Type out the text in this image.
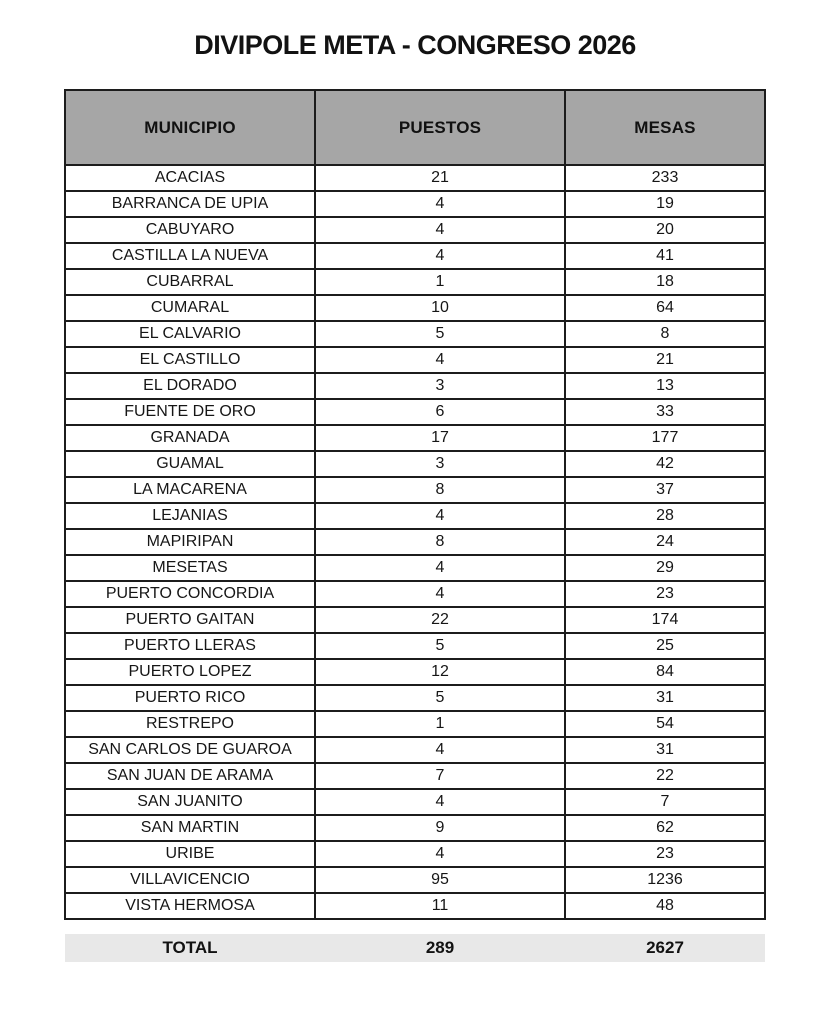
DIVIPOLE META - CONGRESO 2026
MUNICIPIO	PUESTOS	MESAS
ACACIAS	21	233
BARRANCA DE UPIA	4	19
CABUYARO	4	20
CASTILLA LA NUEVA	4	41
CUBARRAL	1	18
CUMARAL	10	64
EL CALVARIO	5	8
EL CASTILLO	4	21
EL DORADO	3	13
FUENTE DE ORO	6	33
GRANADA	17	177
GUAMAL	3	42
LA MACARENA	8	37
LEJANIAS	4	28
MAPIRIPAN	8	24
MESETAS	4	29
PUERTO CONCORDIA	4	23
PUERTO GAITAN	22	174
PUERTO LLERAS	5	25
PUERTO LOPEZ	12	84
PUERTO RICO	5	31
RESTREPO	1	54
SAN CARLOS DE GUAROA	4	31
SAN JUAN DE ARAMA	7	22
SAN JUANITO	4	7
SAN MARTIN	9	62
URIBE	4	23
VILLAVICENCIO	95	1236
VISTA HERMOSA	11	48
TOTAL	289	2627
